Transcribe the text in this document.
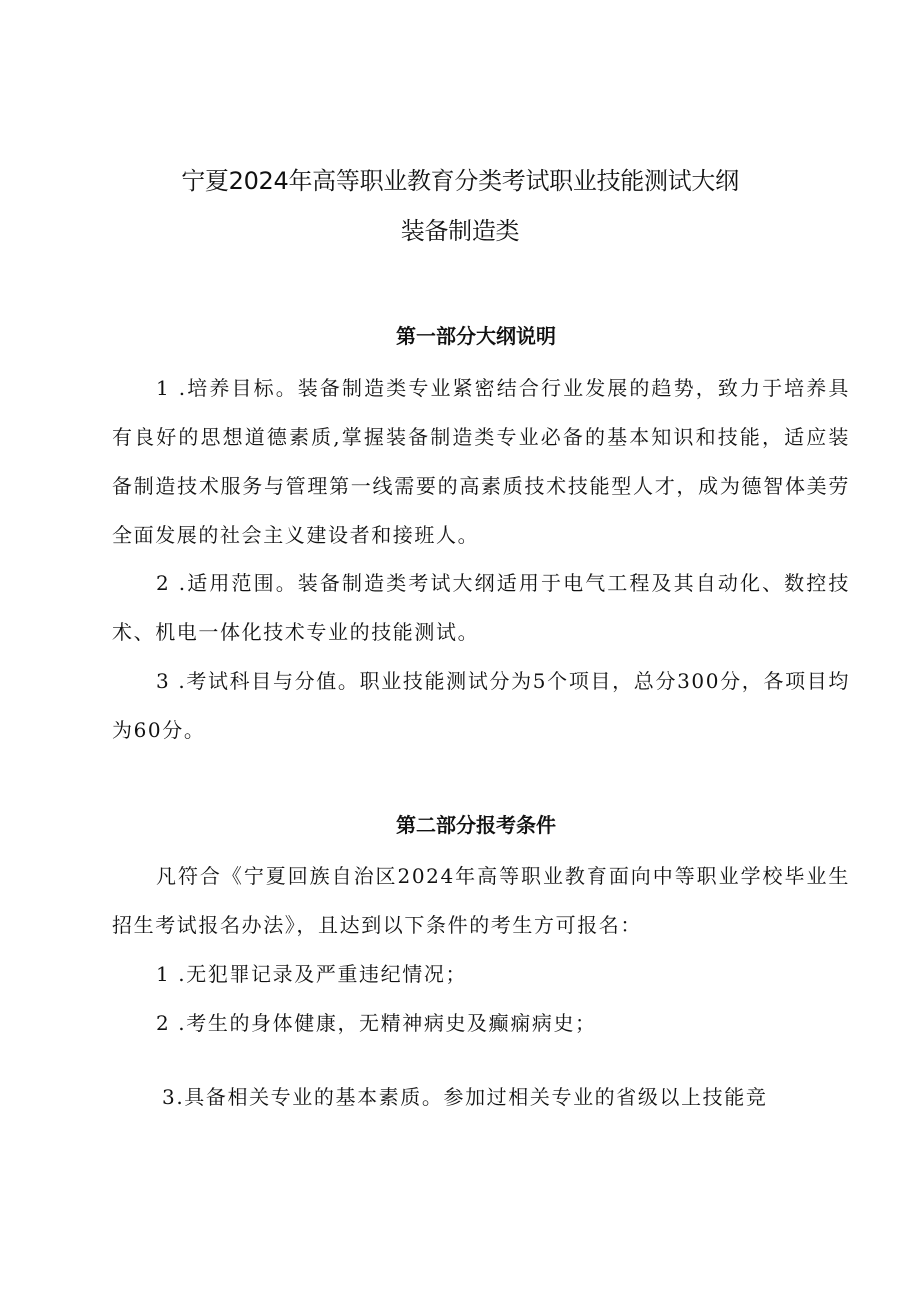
宁夏2024年高等职业教育分类考试职业技能测试大纲
装备制造类
第一部分大纲说明

1 .培养目标。装备制造类专业紧密结合行业发展的趋势，致力于培养具有良好的思想道德素质,掌握装备制造类专业必备的基本知识和技能，适应装备制造技术服务与管理第一线需要的高素质技术技能型人才，成为德智体美劳全面发展的社会主义建设者和接班人。

2 .适用范围。装备制造类考试大纲适用于电气工程及其自动化、数控技术、机电一体化技术专业的技能测试。

3 .考试科目与分值。职业技能测试分为5个项目，总分300分，各项目均为60分。

第二部分报考条件

凡符合《宁夏回族自治区2024年高等职业教育面向中等职业学校毕业生招生考试报名办法》，且达到以下条件的考生方可报名：

1 .无犯罪记录及严重违纪情况；

2 .考生的身体健康，无精神病史及癫痫病史；

3.具备相关专业的基本素质。参加过相关专业的省级以上技能竞
